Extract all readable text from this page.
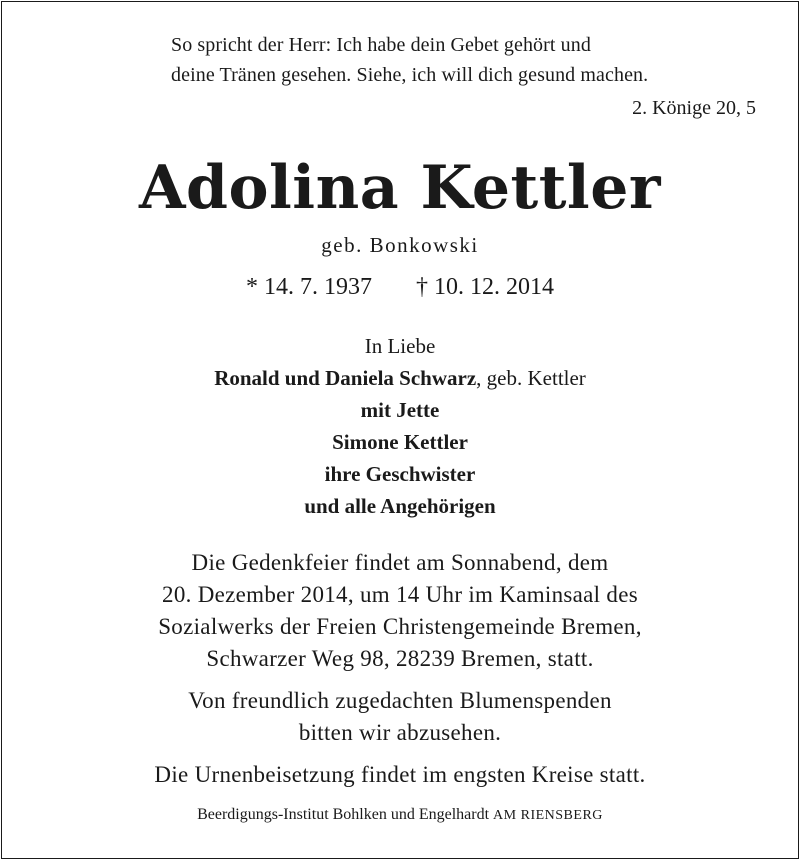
So spricht der Herr: Ich habe dein Gebet gehört und
deine Tränen gesehen. Siehe, ich will dich gesund machen.
2. Könige 20, 5
Adolina Kettler
geb. Bonkowski
* 14. 7. 1937 † 10. 12. 2014
In Liebe
Ronald und Daniela Schwarz, geb. Kettler
mit Jette
Simone Kettler
ihre Geschwister
und alle Angehörigen
Die Gedenkfeier findet am Sonnabend, dem
20. Dezember 2014, um 14 Uhr im Kaminsaal des
Sozialwerks der Freien Christengemeinde Bremen,
Schwarzer Weg 98, 28239 Bremen, statt.
Von freundlich zugedachten Blumenspenden
bitten wir abzusehen.
Die Urnenbeisetzung findet im engsten Kreise statt.
Beerdigungs-Institut Bohlken und Engelhardt AM RIENSBERG
